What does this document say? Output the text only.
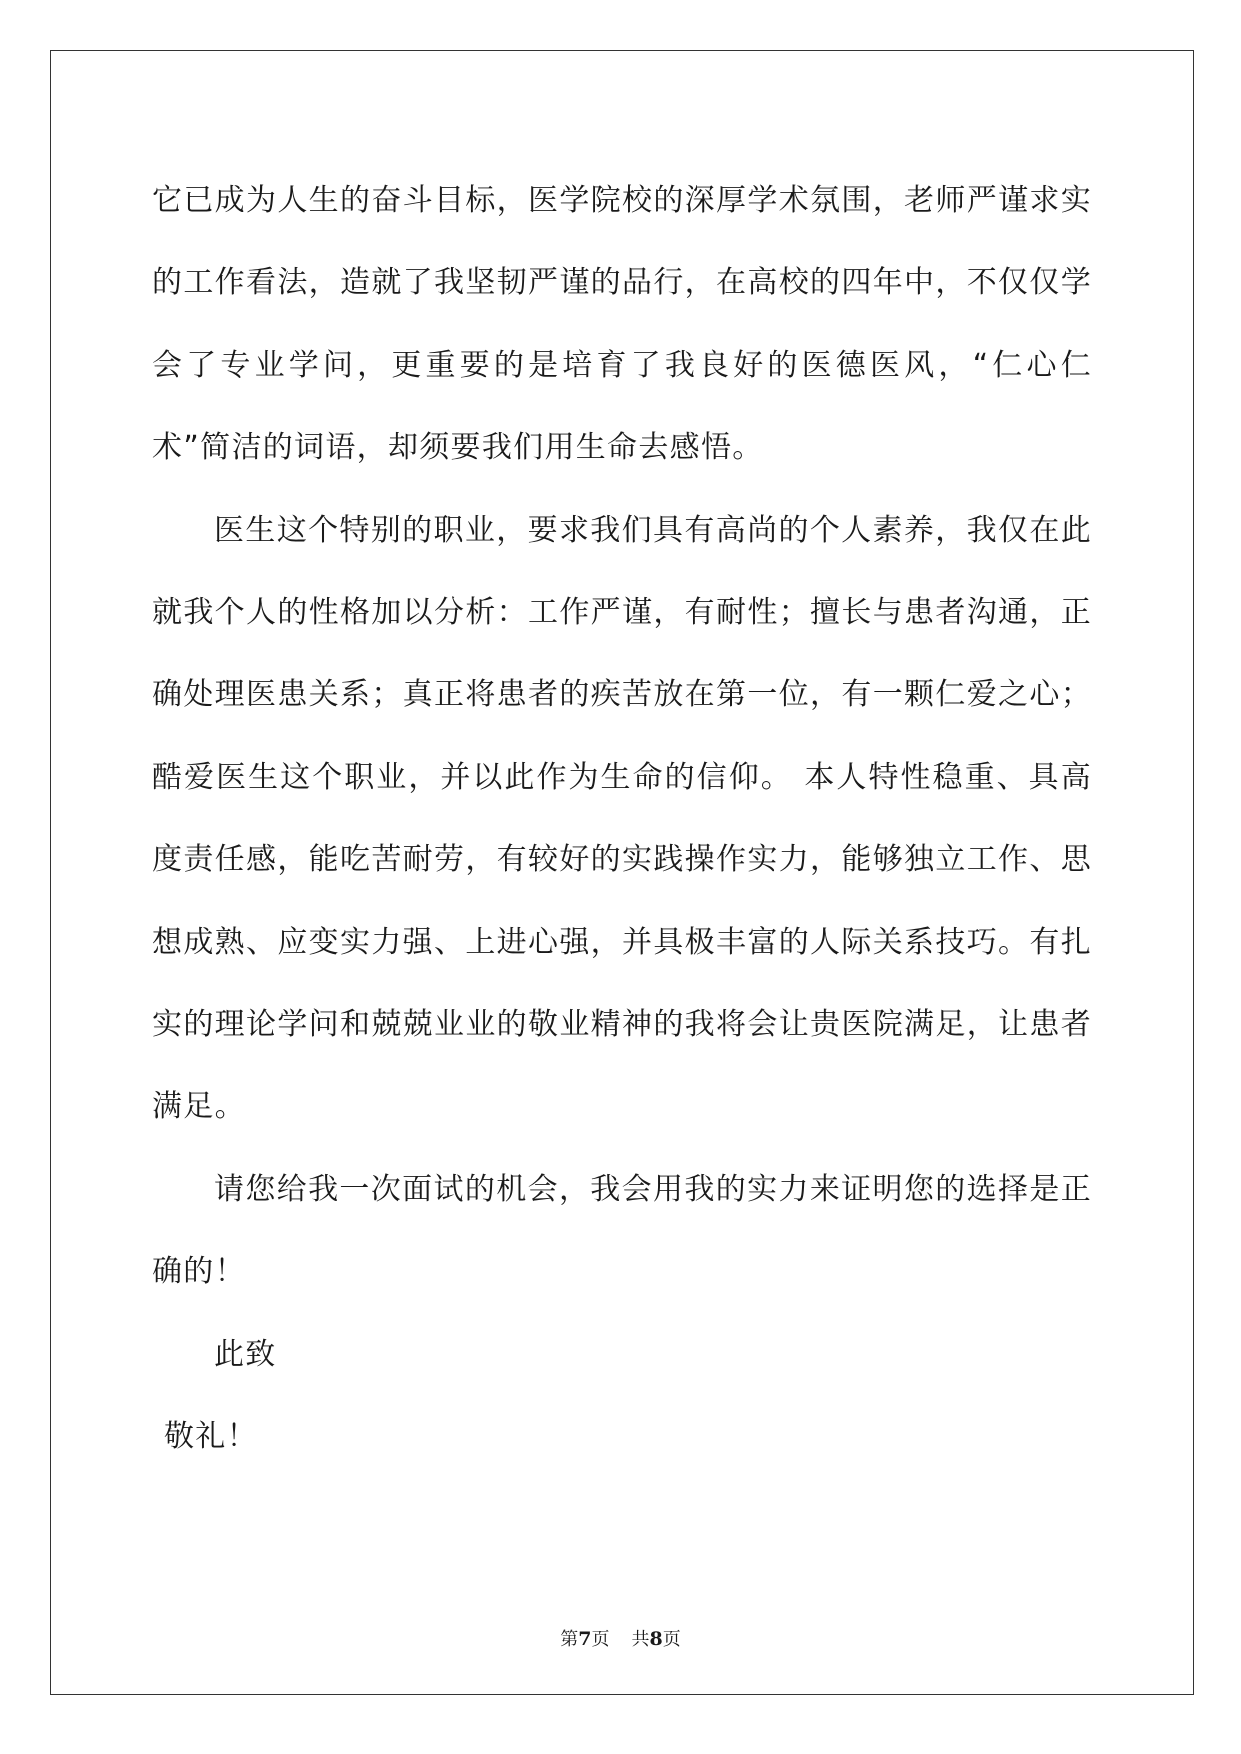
它已成为人生的奋斗目标，医学院校的深厚学术氛围，老师严谨求实的工作看法，造就了我坚韧严谨的品行，在高校的四年中，不仅仅学会了专业学问，更重要的是培育了我良好的医德医风，“仁心仁术”简洁的词语，却须要我们用生命去感悟。

医生这个特别的职业，要求我们具有高尚的个人素养，我仅在此就我个人的性格加以分析：工作严谨，有耐性；擅长与患者沟通，正确处理医患关系；真正将患者的疾苦放在第一位，有一颗仁爱之心；酷爱医生这个职业，并以此作为生命的信仰。 本人特性稳重、具高度责任感，能吃苦耐劳，有较好的实践操作实力，能够独立工作、思想成熟、应变实力强、上进心强，并具极丰富的人际关系技巧。有扎实的理论学问和兢兢业业的敬业精神的我将会让贵医院满足，让患者满足。

请您给我一次面试的机会，我会用我的实力来证明您的选择是正确的！

此致

敬礼！

第7页 共8页
